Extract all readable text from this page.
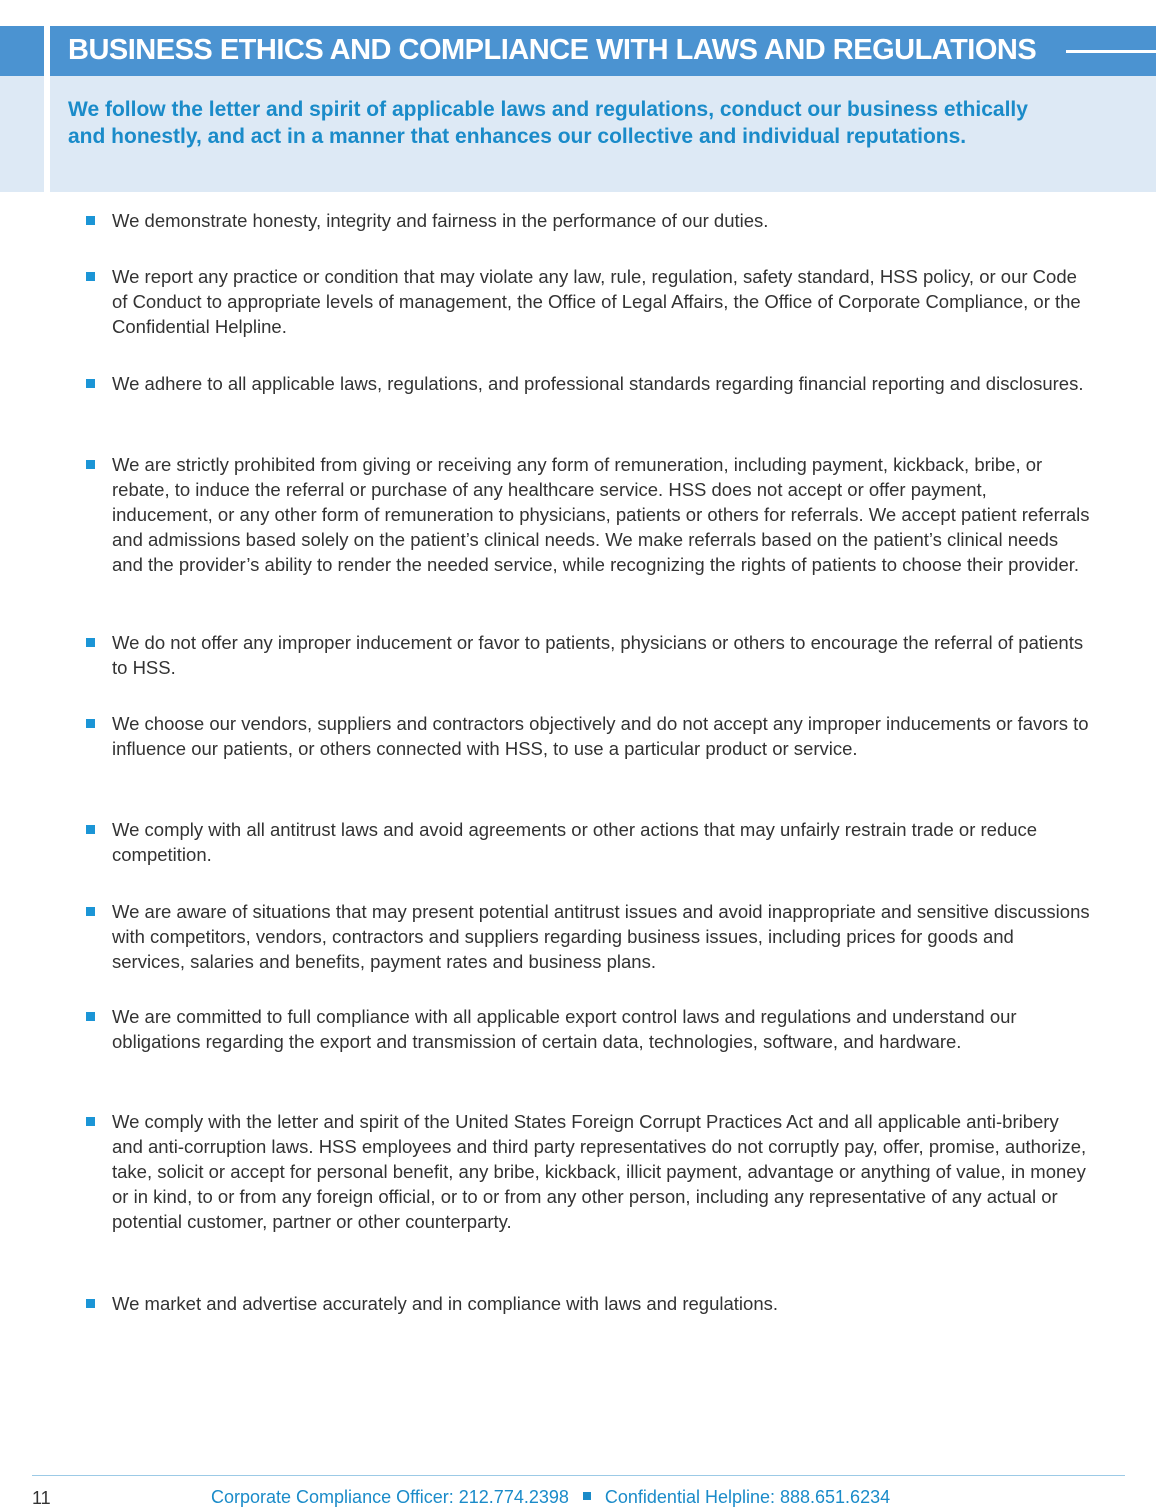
BUSINESS ETHICS AND COMPLIANCE WITH LAWS AND REGULATIONS
We follow the letter and spirit of applicable laws and regulations, conduct our business ethically and honestly, and act in a manner that enhances our collective and individual reputations.
We demonstrate honesty, integrity and fairness in the performance of our duties.
We report any practice or condition that may violate any law, rule, regulation, safety standard, HSS policy, or our Code of Conduct to appropriate levels of management, the Office of Legal Affairs, the Office of Corporate Compliance, or the Confidential Helpline.
We adhere to all applicable laws, regulations, and professional standards regarding financial reporting and disclosures.
We are strictly prohibited from giving or receiving any form of remuneration, including payment, kickback, bribe, or rebate, to induce the referral or purchase of any healthcare service. HSS does not accept or offer payment, inducement, or any other form of remuneration to physicians, patients or others for referrals. We accept patient referrals and admissions based solely on the patient’s clinical needs. We make referrals based on the patient’s clinical needs and the provider’s ability to render the needed service, while recognizing the rights of patients to choose their provider.
We do not offer any improper inducement or favor to patients, physicians or others to encourage the referral of patients to HSS.
We choose our vendors, suppliers and contractors objectively and do not accept any improper inducements or favors to influence our patients, or others connected with HSS, to use a particular product or service.
We comply with all antitrust laws and avoid agreements or other actions that may unfairly restrain trade or reduce competition.
We are aware of situations that may present potential antitrust issues and avoid inappropriate and sensitive discussions with competitors, vendors, contractors and suppliers regarding business issues, including prices for goods and services, salaries and benefits, payment rates and business plans.
We are committed to full compliance with all applicable export control laws and regulations and understand our obligations regarding the export and transmission of certain data, technologies, software, and hardware.
We comply with the letter and spirit of the United States Foreign Corrupt Practices Act and all applicable anti-bribery and anti-corruption laws. HSS employees and third party representatives do not corruptly pay, offer, promise, authorize, take, solicit or accept for personal benefit, any bribe, kickback, illicit payment, advantage or anything of value, in money or in kind, to or from any foreign official, or to or from any other person, including any representative of any actual or potential customer, partner or other counterparty.
We market and advertise accurately and in compliance with laws and regulations.
11	Corporate Compliance Officer: 212.774.2398 Confidential Helpline: 888.651.6234
